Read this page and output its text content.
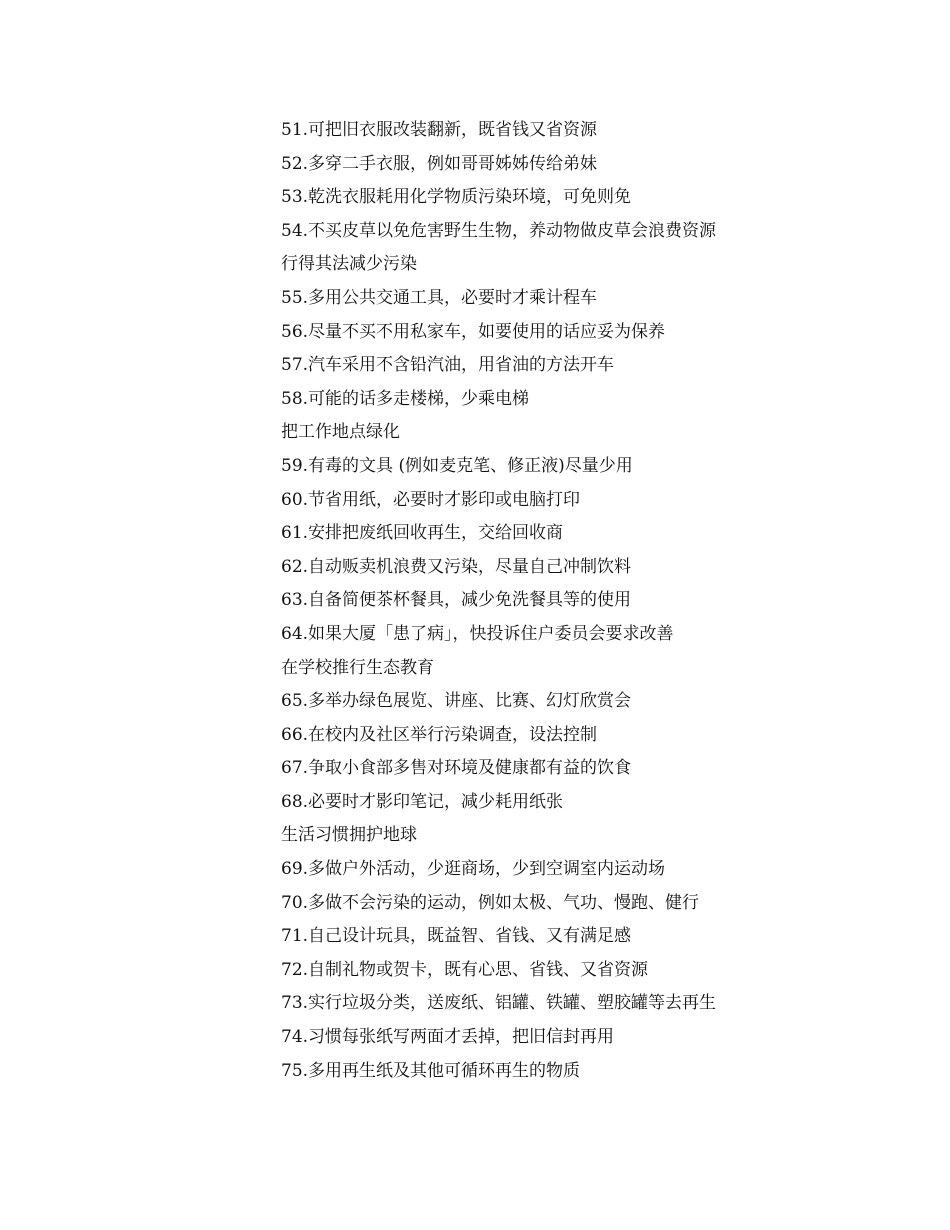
51.可把旧衣服改装翻新，既省钱又省资源
52.多穿二手衣服，例如哥哥姊姊传给弟妹
53.乾洗衣服耗用化学物质污染环境，可免则免
54.不买皮草以免危害野生生物，养动物做皮草会浪费资源
行得其法减少污染
55.多用公共交通工具，必要时才乘计程车
56.尽量不买不用私家车，如要使用的话应妥为保养
57.汽车采用不含铅汽油，用省油的方法开车
58.可能的话多走楼梯，少乘电梯
把工作地点绿化
59.有毒的文具 (例如麦克笔、修正液)尽量少用
60.节省用纸，必要时才影印或电脑打印
61.安排把废纸回收再生，交给回收商
62.自动贩卖机浪费又污染，尽量自己冲制饮料
63.自备简便茶杯餐具，减少免洗餐具等的使用
64.如果大厦「患了病」，快投诉住户委员会要求改善
在学校推行生态教育
65.多举办绿色展览、讲座、比赛、幻灯欣赏会
66.在校内及社区举行污染调查，设法控制
67.争取小食部多售对环境及健康都有益的饮食
68.必要时才影印笔记，减少耗用纸张
生活习惯拥护地球
69.多做户外活动，少逛商场，少到空调室内运动场
70.多做不会污染的运动，例如太极、气功、慢跑、健行
71.自己设计玩具，既益智、省钱、又有满足感
72.自制礼物或贺卡，既有心思、省钱、又省资源
73.实行垃圾分类，送废纸、铝罐、铁罐、塑胶罐等去再生
74.习惯每张纸写两面才丢掉，把旧信封再用
75.多用再生纸及其他可循环再生的物质
